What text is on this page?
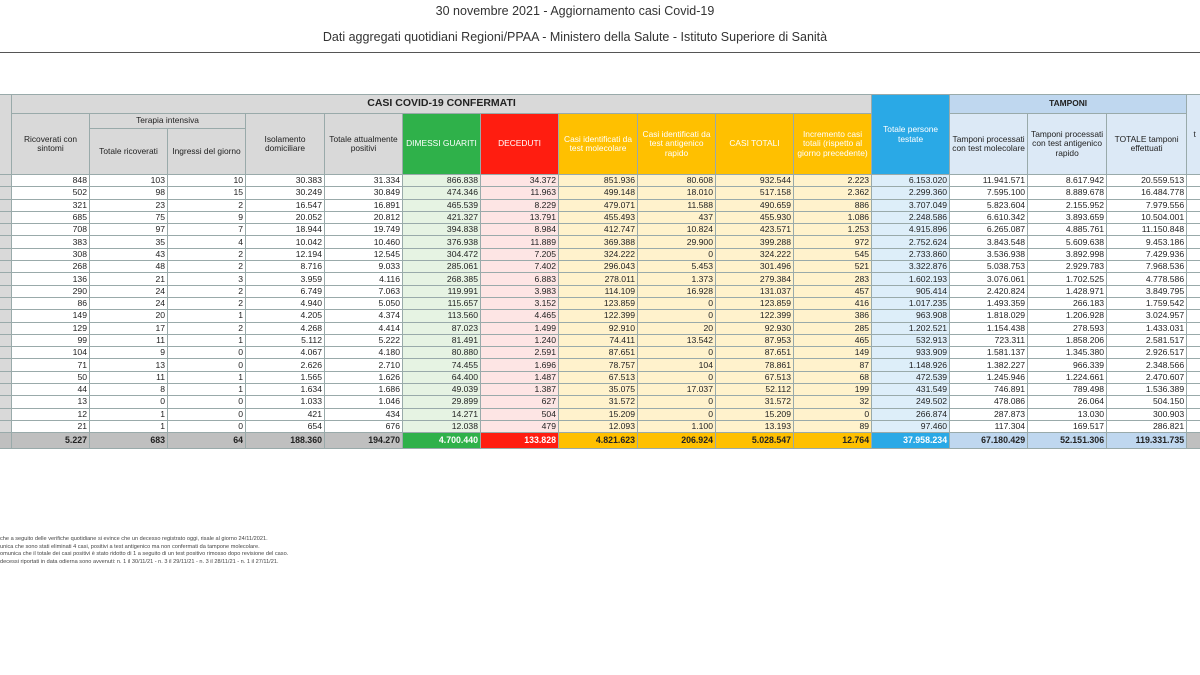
30 novembre 2021 - Aggiornamento casi Covid-19
Dati aggregati quotidiani Regioni/PPAA - Ministero della Salute - Istituto Superiore di Sanità
	CASI COVID-19 CONFERMATI											Totale persone testate	TAMPONI			t
	Ricoverati con sintomi	Terapia intensiva		Isolamento domiciliare	Totale attualmente positivi	DIMESSI GUARITI	DECEDUTI	Casi identificati da test molecolare	Casi identificati da test antigenico rapido	CASI TOTALI	Incremento casi totali (rispetto al giorno precedente)		Tamponi processati con test molecolare	Tamponi processati con test antigenico rapido	TOTALE tamponi effettuati	
		Totale ricoverati	Ingressi del giorno													
	848	103	10	30.383	31.334	866.838	34.372	851.936	80.608	932.544	2.223	6.153.020	11.941.571	8.617.942	20.559.513	
	502	98	15	30.249	30.849	474.346	11.963	499.148	18.010	517.158	2.362	2.299.360	7.595.100	8.889.678	16.484.778	
	321	23	2	16.547	16.891	465.539	8.229	479.071	11.588	490.659	886	3.707.049	5.823.604	2.155.952	7.979.556	
	685	75	9	20.052	20.812	421.327	13.791	455.493	437	455.930	1.086	2.248.586	6.610.342	3.893.659	10.504.001	
	708	97	7	18.944	19.749	394.838	8.984	412.747	10.824	423.571	1.253	4.915.896	6.265.087	4.885.761	11.150.848	
	383	35	4	10.042	10.460	376.938	11.889	369.388	29.900	399.288	972	2.752.624	3.843.548	5.609.638	9.453.186	
	308	43	2	12.194	12.545	304.472	7.205	324.222	0	324.222	545	2.733.860	3.536.938	3.892.998	7.429.936	
	268	48	2	8.716	9.033	285.061	7.402	296.043	5.453	301.496	521	3.322.876	5.038.753	2.929.783	7.968.536	
	136	21	3	3.959	4.116	268.385	6.883	278.011	1.373	279.384	283	1.602.193	3.076.061	1.702.525	4.778.586	
	290	24	2	6.749	7.063	119.991	3.983	114.109	16.928	131.037	457	905.414	2.420.824	1.428.971	3.849.795	
	86	24	2	4.940	5.050	115.657	3.152	123.859	0	123.859	416	1.017.235	1.493.359	266.183	1.759.542	
	149	20	1	4.205	4.374	113.560	4.465	122.399	0	122.399	386	963.908	1.818.029	1.206.928	3.024.957	
	129	17	2	4.268	4.414	87.023	1.499	92.910	20	92.930	285	1.202.521	1.154.438	278.593	1.433.031	
	99	11	1	5.112	5.222	81.491	1.240	74.411	13.542	87.953	465	532.913	723.311	1.858.206	2.581.517	
	104	9	0	4.067	4.180	80.880	2.591	87.651	0	87.651	149	933.909	1.581.137	1.345.380	2.926.517	
	71	13	0	2.626	2.710	74.455	1.696	78.757	104	78.861	87	1.148.926	1.382.227	966.339	2.348.566	
	50	11	1	1.565	1.626	64.400	1.487	67.513	0	67.513	68	472.539	1.245.946	1.224.661	2.470.607	
	44	8	1	1.634	1.686	49.039	1.387	35.075	17.037	52.112	199	431.549	746.891	789.498	1.536.389	
	13	0	0	1.033	1.046	29.899	627	31.572	0	31.572	32	249.502	478.086	26.064	504.150	
	12	1	0	421	434	14.271	504	15.209	0	15.209	0	266.874	287.873	13.030	300.903	
	21	1	0	654	676	12.038	479	12.093	1.100	13.193	89	97.460	117.304	169.517	286.821	
	5.227	683	64	188.360	194.270	4.700.440	133.828	4.821.623	206.924	5.028.547	12.764	37.958.234	67.180.429	52.151.306	119.331.735	
che a seguito delle verifiche quotidiane si evince che un decesso registrato oggi, risale al giorno 24/11/2021.
unica che sono stati eliminati 4 casi, positivi a test antigenico ma non confermati da tampone molecolare.
omunica che il totale dei casi positivi è stato ridotto di 1 a seguito di un test positivo rimosso dopo revisione del caso.
decessi riportati in data odierna sono avvenuti: n. 1 il 30/11/21 - n. 3 il 29/11/21 - n. 3 il 28/11/21 - n. 1 il 27/11/21.
